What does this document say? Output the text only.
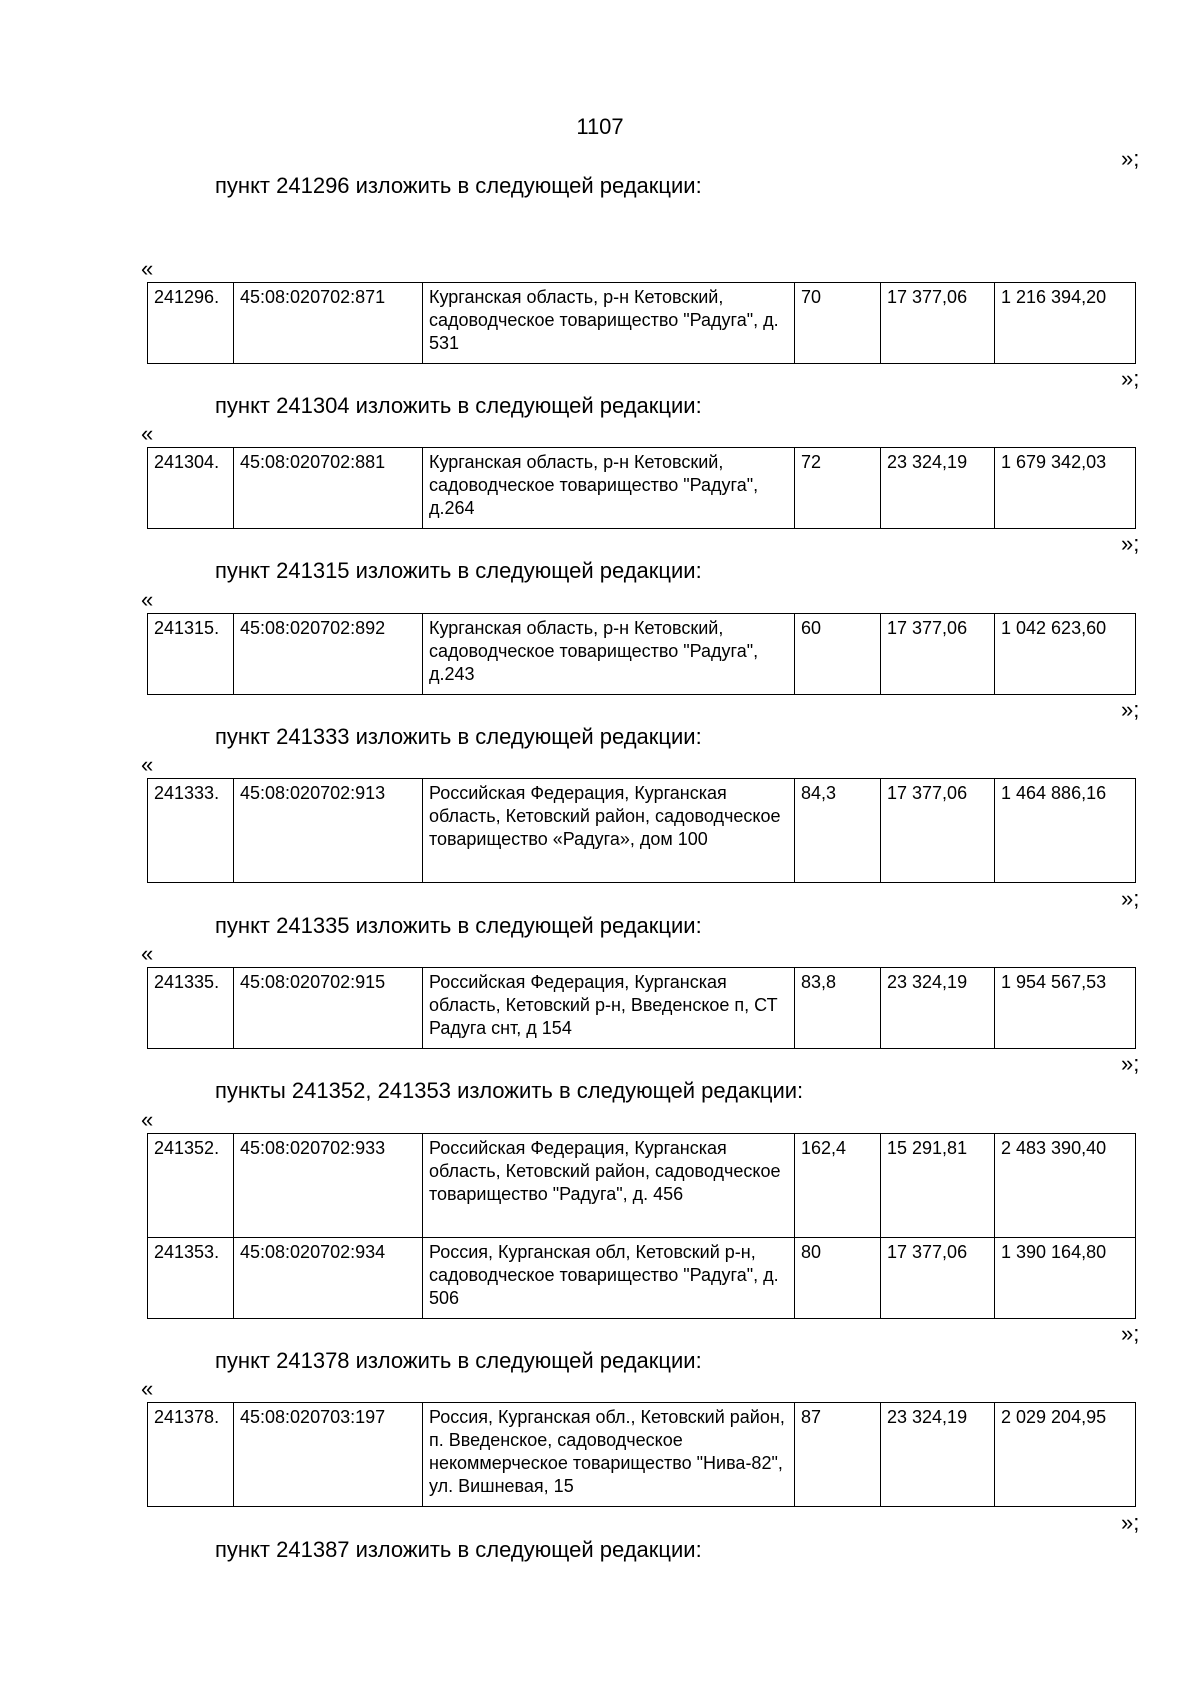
1107
»;
пункт 241296 изложить в следующей редакции:
«
241296.	45:08:020702:871	Курганская область, р-н Кетовский, садоводческое товарищество "Радуга", д. 531	70	17 377,06	1 216 394,20
»;
пункт 241304 изложить в следующей редакции:
«
241304.	45:08:020702:881	Курганская область, р-н Кетовский, садоводческое товарищество "Радуга", д.264	72	23 324,19	1 679 342,03
»;
пункт 241315 изложить в следующей редакции:
«
241315.	45:08:020702:892	Курганская область, р-н Кетовский, садоводческое товарищество "Радуга", д.243	60	17 377,06	1 042 623,60
»;
пункт 241333 изложить в следующей редакции:
«
241333.	45:08:020702:913	Российская Федерация, Курганская область, Кетовский район, садоводческое товарищество «Радуга», дом 100	84,3	17 377,06	1 464 886,16
»;
пункт 241335 изложить в следующей редакции:
«
241335.	45:08:020702:915	Российская Федерация, Курганская область, Кетовский р-н, Введенское п, СТ Радуга снт, д 154	83,8	23 324,19	1 954 567,53
»;
пункты 241352, 241353 изложить в следующей редакции:
«
241352.	45:08:020702:933	Российская Федерация, Курганская область, Кетовский район, садоводческое товарищество "Радуга", д. 456	162,4	15 291,81	2 483 390,40
241353.	45:08:020702:934	Россия, Курганская обл, Кетовский р-н, садоводческое товарищество "Радуга", д. 506	80	17 377,06	1 390 164,80
»;
пункт 241378 изложить в следующей редакции:
«
241378.	45:08:020703:197	Россия, Курганская обл., Кетовский район, п. Введенское, садоводческое некоммерческое товарищество "Нива-82", ул. Вишневая, 15	87	23 324,19	2 029 204,95
»;
пункт 241387 изложить в следующей редакции:
